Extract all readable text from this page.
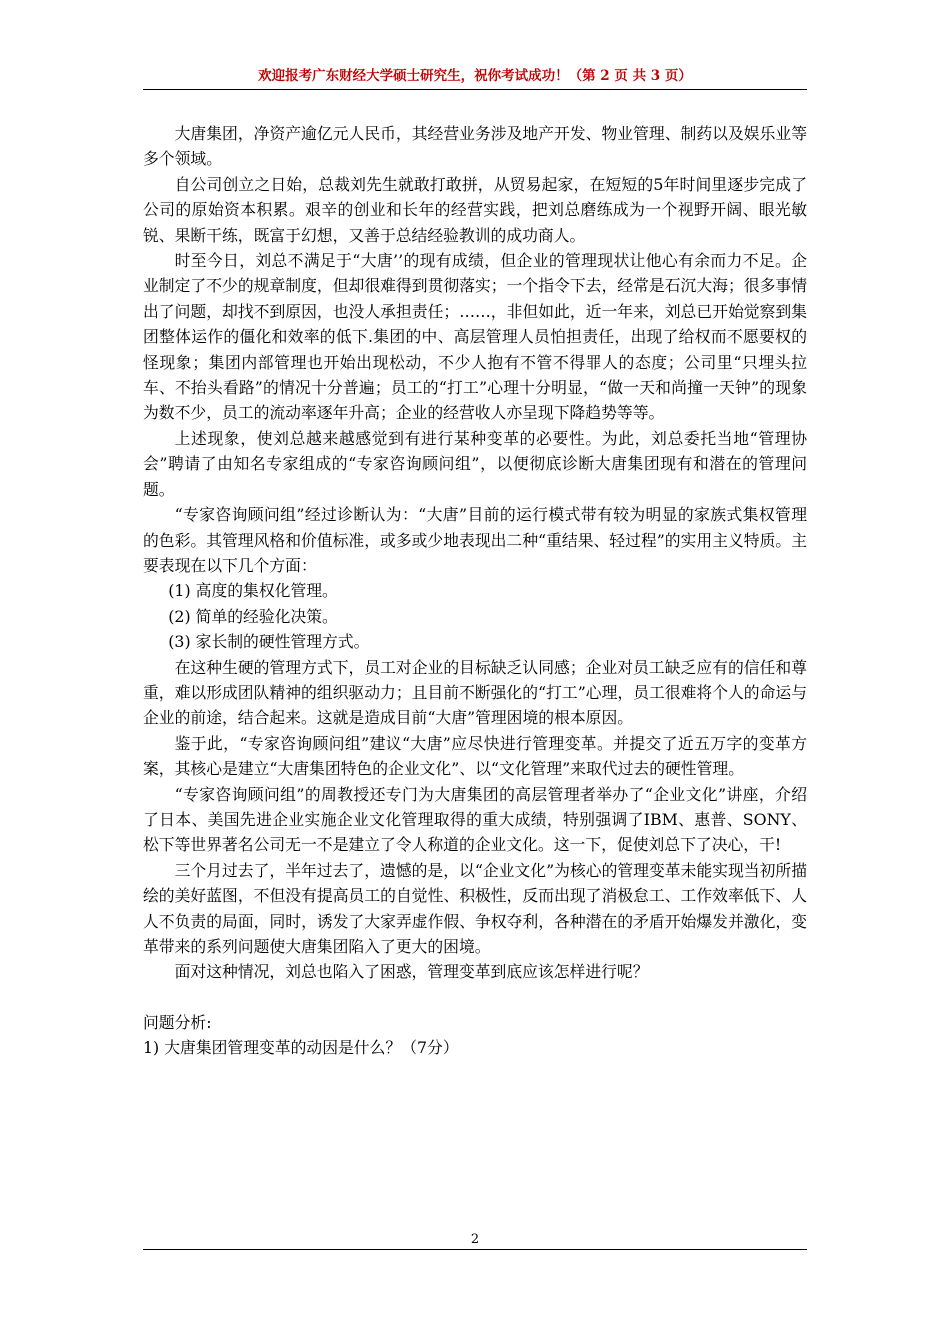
欢迎报考广东财经大学硕士研究生，祝你考试成功！（第 2 页 共 3 页）

大唐集团，净资产逾亿元人民币，其经营业务涉及地产开发、物业管理、制药以及娱乐业等多个领域。

自公司创立之日始，总裁刘先生就敢打敢拼，从贸易起家，在短短的5年时间里逐步完成了公司的原始资本积累。艰辛的创业和长年的经营实践，把刘总磨练成为一个视野开阔、眼光敏锐、果断干练，既富于幻想，又善于总结经验教训的成功商人。

时至今日，刘总不满足于“大唐’’的现有成绩，但企业的管理现状让他心有余而力不足。企业制定了不少的规章制度，但却很难得到贯彻落实；一个指令下去，经常是石沉大海；很多事情出了问题，却找不到原因，也没人承担责任；……，非但如此，近一年来，刘总已开始觉察到集团整体运作的僵化和效率的低下.集团的中、高层管理人员怕担责任，出现了给权而不愿要权的怪现象；集团内部管理也开始出现松动，不少人抱有不管不得罪人的态度；公司里“只埋头拉车、不抬头看路”的情况十分普遍；员工的“打工”心理十分明显，“做一天和尚撞一天钟”的现象为数不少，员工的流动率逐年升高；企业的经营收人亦呈现下降趋势等等。

上述现象，使刘总越来越感觉到有进行某种变革的必要性。为此，刘总委托当地“管理协会”聘请了由知名专家组成的“专家咨询顾问组”，以便彻底诊断大唐集团现有和潜在的管理问题。

“专家咨询顾问组”经过诊断认为：“大唐”目前的运行模式带有较为明显的家族式集权管理的色彩。其管理风格和价值标准，或多或少地表现出二种“重结果、轻过程”的实用主义特质。主要表现在以下几个方面：

(1) 高度的集权化管理。

(2) 简单的经验化决策。

(3) 家长制的硬性管理方式。

在这种生硬的管理方式下，员工对企业的目标缺乏认同感；企业对员工缺乏应有的信任和尊重，难以形成团队精神的组织驱动力；且目前不断强化的“打工”心理，员工很难将个人的命运与企业的前途，结合起来。这就是造成目前“大唐”管理困境的根本原因。

鉴于此，“专家咨询顾问组”建议“大唐”应尽快进行管理变革。并提交了近五万字的变革方案，其核心是建立“大唐集团特色的企业文化”、以“文化管理”来取代过去的硬性管理。

“专家咨询顾问组”的周教授还专门为大唐集团的高层管理者举办了“企业文化”讲座，介绍了日本、美国先进企业实施企业文化管理取得的重大成绩，特别强调了IBM、惠普、SONY、松下等世界著名公司无一不是建立了令人称道的企业文化。这一下，促使刘总下了决心，干!

三个月过去了，半年过去了，遗憾的是，以“企业文化”为核心的管理变革未能实现当初所描绘的美好蓝图，不但没有提高员工的自觉性、积极性，反而出现了消极怠工、工作效率低下、人人不负责的局面，同时，诱发了大家弄虚作假、争权夺利，各种潜在的矛盾开始爆发并激化，变革带来的系列问题使大唐集团陷入了更大的困境。

面对这种情况，刘总也陷入了困惑，管理变革到底应该怎样进行呢？

问题分析:

1) 大唐集团管理变革的动因是什么？（7分）

2
